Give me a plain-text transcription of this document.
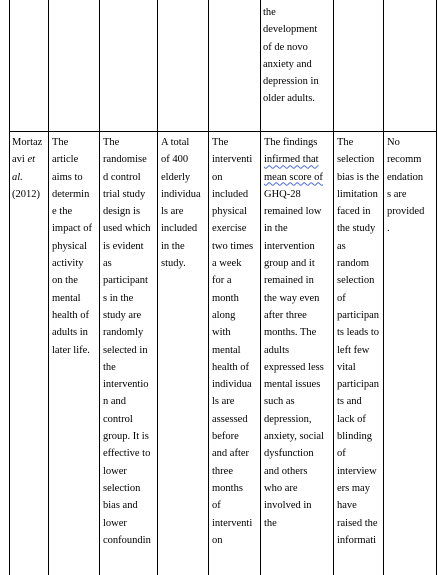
the
development
of de novo
anxiety and
depression in
older adults.
Mortaz
avi et
al.
(2012)
The
article
aims to
determin
e the
impact of
physical
activity
on the
mental
health of
adults in
later life.
The
randomise
d control
trial study
design is
used which
is evident
as
participant
s in the
study are
randomly
selected in
the
interventio
n and
control
group. It is
effective to
lower
selection
bias and
lower
confoundin
A total
of 400
elderly
individua
ls are
included
in the
study.
The
interventi
on
included
physical
exercise
two times
a week
for a
month
along
with
mental
health of
individua
ls are
assessed
before
and after
three
months
of
interventi
on
The findings
infirmed that
mean score of
GHQ-28
remained low
in the
intervention
group and it
remained in
the way even
after three
months. The
adults
expressed less
mental issues
such as
depression,
anxiety, social
dysfunction
and others
who are
involved in
the
The
selection
bias is the
limitation
faced in
the study
as
random
selection
of
participan
ts leads to
left few
vital
participan
ts and
lack of
blinding
of
interview
ers may
have
raised the
informati
No
recomm
endation
s are
provided
.
